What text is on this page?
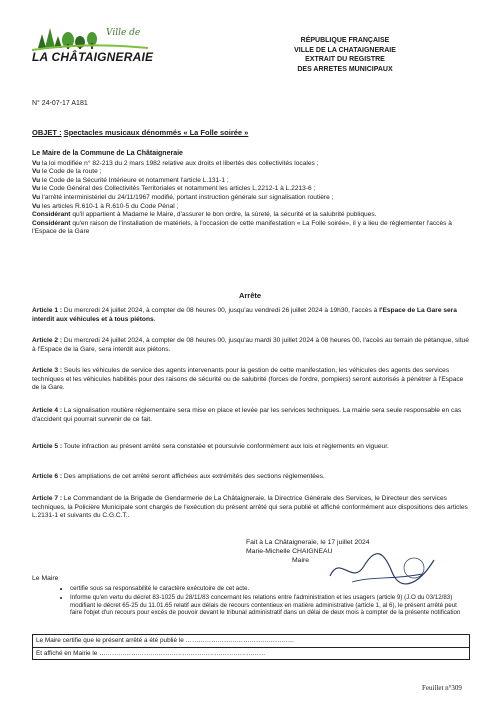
Ville de
LA CHÂTAIGNERAIE
RÉPUBLIQUE FRANÇAISE
VILLE DE LA CHATAIGNERAIE
EXTRAIT DU REGISTRE
DES ARRETES MUNICIPAUX
N° 24-07-17 A181
OBJET : Spectacles musicaux dénommés « La Folle soirée »

Le Maire de la Commune de La Châtaigneraie

Vu la loi modifiée n° 82-213 du 2 mars 1982 relative aux droits et libertés des collectivités locales ;

Vu le Code de la route ;

Vu le Code de la Sécurité Intérieure et notamment l'article L.131-1 ;

Vu le Code Général des Collectivités Territoriales et notamment les articles L.2212-1 à L.2213-6 ;

Vu l'arrêté interministériel du 24/11/1967 modifié, portant instruction générale sur signalisation routière ;

Vu les articles R.610-1 à R.610-5 du Code Pénal ;

Considérant qu'il appartient à Madame le Maire, d'assurer le bon ordre, la sûreté, la sécurité et la salubrité publiques.

Considérant qu'en raison de l'installation de matériels, à l'occasion de cette manifestation « La Folle soirée», il y a lieu de réglementer l'accès à l'Espace de la Gare

Arrête

Article 1 : Du mercredi 24 juillet 2024, à compter de 08 heures 00, jusqu'au vendredi 26 juillet 2024 à 19h30, l'accès à l'Espace de La Gare sera interdit aux véhicules et à tous piétons.

Article 2 : Du mercredi 24 juillet 2024, à compter de 08 heures 00, jusqu'au mardi 30 juillet 2024 à 08 heures 00, l'accès au terrain de pétanque, situé à l'Espace de la Gare, sera interdit aux piétons.

Article 3 : Seuls les véhicules de service des agents intervenants pour la gestion de cette manifestation, les véhicules des agents des services techniques et les véhicules habilités pour des raisons de sécurité ou de salubrité (forces de l'ordre, pompiers) seront autorisés à pénétrer à l'Espace de la Gare.

Article 4 : La signalisation routière réglementaire sera mise en place et levée par les services techniques. La mairie sera seule responsable en cas d'accident qui pourrait survenir de ce fait.

Article 5 : Toute infraction au présent arrêté sera constatée et poursuivie conformément aux lois et règlements en vigueur.

Article 6 : Des ampliations de cet arrêté seront affichées aux extrémités des sections réglementées.

Article 7 : Le Commandant de la Brigade de Gendarmerie de La Châtaigneraie, la Directrice Générale des Services, le Directeur des services techniques, la Policière Municipale sont chargés de l'exécution du présent arrêté qui sera publié et affiché conformément aux dispositions des articles L.2131-1 et suivants du C.G.C.T..

Fait à La Châtaigneraie, le 17 juillet 2024
Marie-Michelle CHAIGNEAU
Maire
Le Maire
• certifie sous sa responsabilité le caractère exécutoire de cet acte.
• Informe qu'en vertu du décret 83-1025 du 28/11/83 concernant les relations entre l'administration et les usagers (article 9) (J.O du 03/12/83) modifiant le décret 65-25 du 11.01.65 relatif aux délais de recours contentieux en matière administrative (article 1, al 6), le présent arrêté peut faire l'objet d'un recours pour excès de pouvoir devant le tribunal administratif dans un délai de deux mois à compter de la présente notification
Le Maire certifie que le présent arrêté a été publié le ……………………………………………
Et affiché en Mairie le ……………………………………………………………………
Feuillet n°309
